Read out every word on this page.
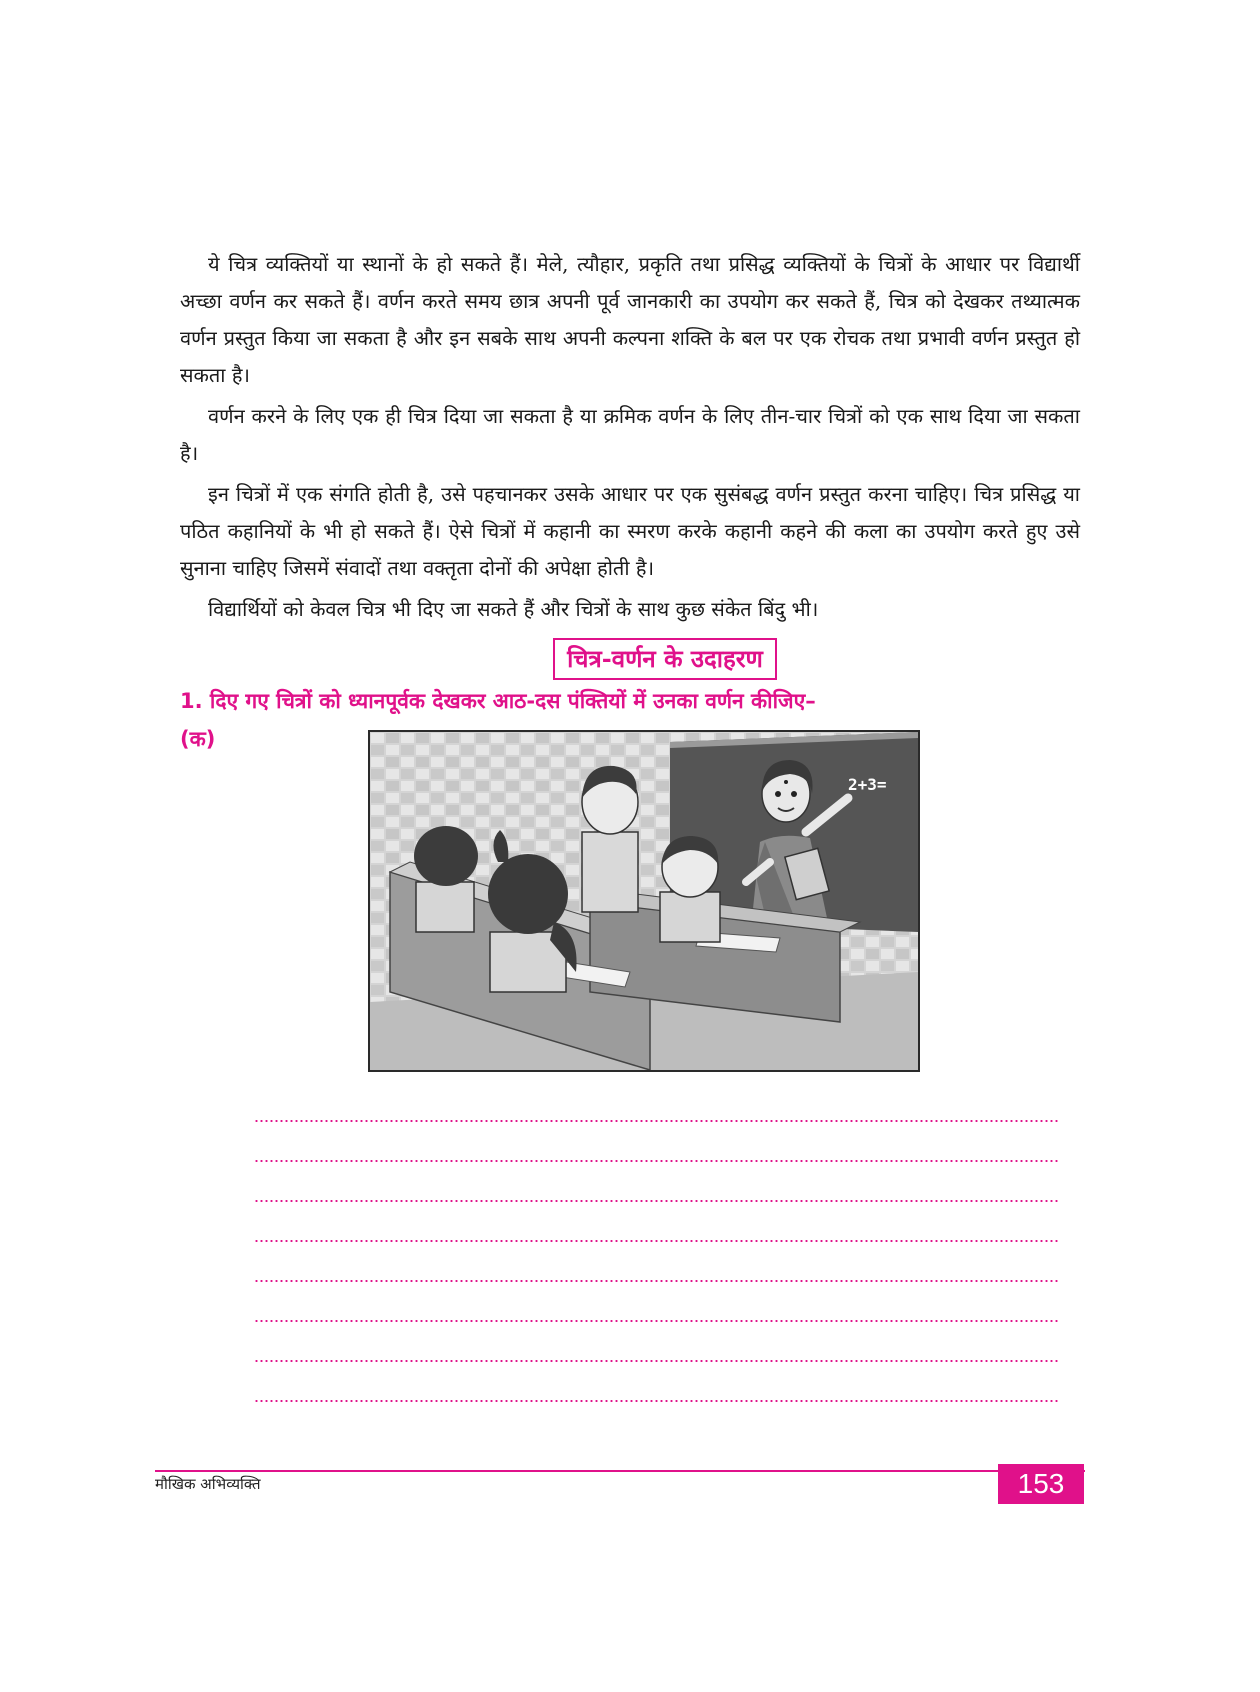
ये चित्र व्यक्तियों या स्थानों के हो सकते हैं। मेले, त्यौहार, प्रकृति तथा प्रसिद्ध व्यक्तियों के चित्रों के आधार पर विद्यार्थी अच्छा वर्णन कर सकते हैं। वर्णन करते समय छात्र अपनी पूर्व जानकारी का उपयोग कर सकते हैं, चित्र को देखकर तथ्यात्मक वर्णन प्रस्तुत किया जा सकता है और इन सबके साथ अपनी कल्पना शक्ति के बल पर एक रोचक तथा प्रभावी वर्णन प्रस्तुत हो सकता है।

वर्णन करने के लिए एक ही चित्र दिया जा सकता है या क्रमिक वर्णन के लिए तीन-चार चित्रों को एक साथ दिया जा सकता है।

इन चित्रों में एक संगति होती है, उसे पहचानकर उसके आधार पर एक सुसंबद्ध वर्णन प्रस्तुत करना चाहिए। चित्र प्रसिद्ध या पठित कहानियों के भी हो सकते हैं। ऐसे चित्रों में कहानी का स्मरण करके कहानी कहने की कला का उपयोग करते हुए उसे सुनाना चाहिए जिसमें संवादों तथा वक्तृता दोनों की अपेक्षा होती है।

विद्यार्थियों को केवल चित्र भी दिए जा सकते हैं और चित्रों के साथ कुछ संकेत बिंदु भी।

चित्र-वर्णन के उदाहरण
1. दिए गए चित्रों को ध्यानपूर्वक देखकर आठ-दस पंक्तियों में उनका वर्णन कीजिए–
(क)
2+3=
मौखिक अभिव्यक्ति	153
